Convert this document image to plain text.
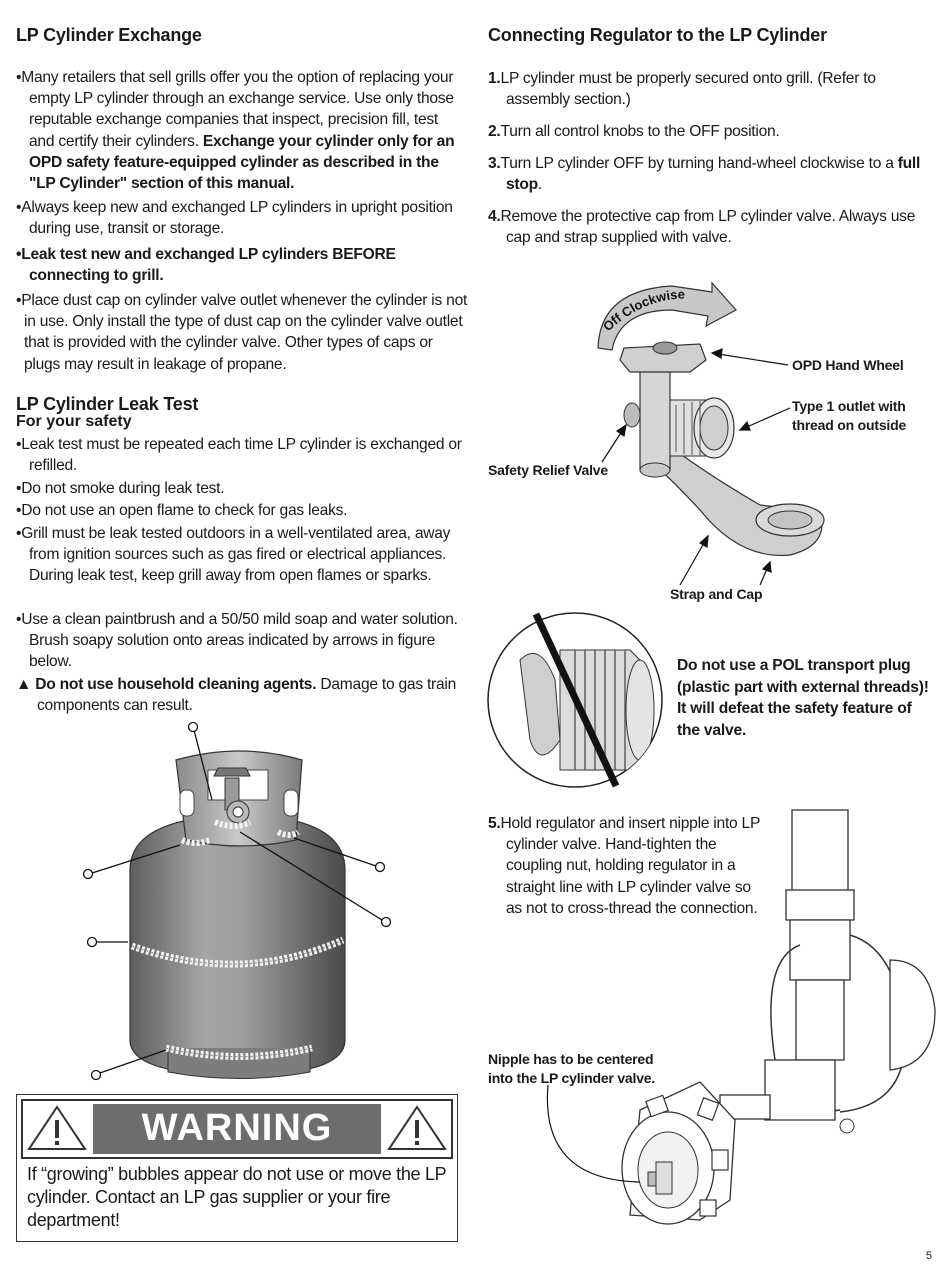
LP Cylinder Exchange
•Many retailers that sell grills offer you the option of replacing your empty LP cylinder through an exchange service. Use only those reputable exchange companies that inspect, precision fill, test and certify their cylinders. Exchange your cylinder only for an OPD safety feature-equipped cylinder as described in the "LP Cylinder" section of this manual.
•Always keep new and exchanged LP cylinders in upright position during use, transit or storage.
•Leak test new and exchanged LP cylinders BEFORE connecting to grill.
•Place dust cap on cylinder valve outlet whenever the cylinder is not in use. Only install the type of dust cap on the cylinder valve outlet that is provided with the cylinder valve. Other types of caps or plugs may result in leakage of propane.
LP Cylinder Leak Test
For your safety
•Leak test must be repeated each time LP cylinder is exchanged or refilled.
•Do not smoke during leak test.
•Do not use an open flame to check for gas leaks.
•Grill must be leak tested outdoors in a well-ventilated area, away from ignition sources such as gas fired or electrical appliances. During leak test, keep grill away from open flames or sparks.
•Use a clean paintbrush and a 50/50 mild soap and water solution. Brush soapy solution onto areas indicated by arrows in figure below.
▲ Do not use household cleaning agents. Damage to gas train components can result.
WARNING
If “growing” bubbles appear do not use or move the LP cylinder. Contact an LP gas supplier or your fire department!
Connecting Regulator to the LP Cylinder
1.LP cylinder must be properly secured onto grill. (Refer to assembly section.)
2.Turn all control knobs to the OFF position.
3.Turn LP cylinder OFF by turning hand-wheel clockwise to a full stop.
4.Remove the protective cap from LP cylinder valve. Always use cap and strap supplied with valve.
5.Hold regulator and insert nipple into LP cylinder valve. Hand-tighten the coupling nut, holding regulator in a straight line with LP cylinder valve so as not to cross-thread the connection.
Off Clockwise
OPD Hand Wheel
Type 1 outlet with thread on outside
Safety Relief Valve
Strap and Cap
Do not use a POL transport plug (plastic part with external threads)! It will defeat the safety feature of the valve.
Nipple has to be centered into the LP cylinder valve.
5
